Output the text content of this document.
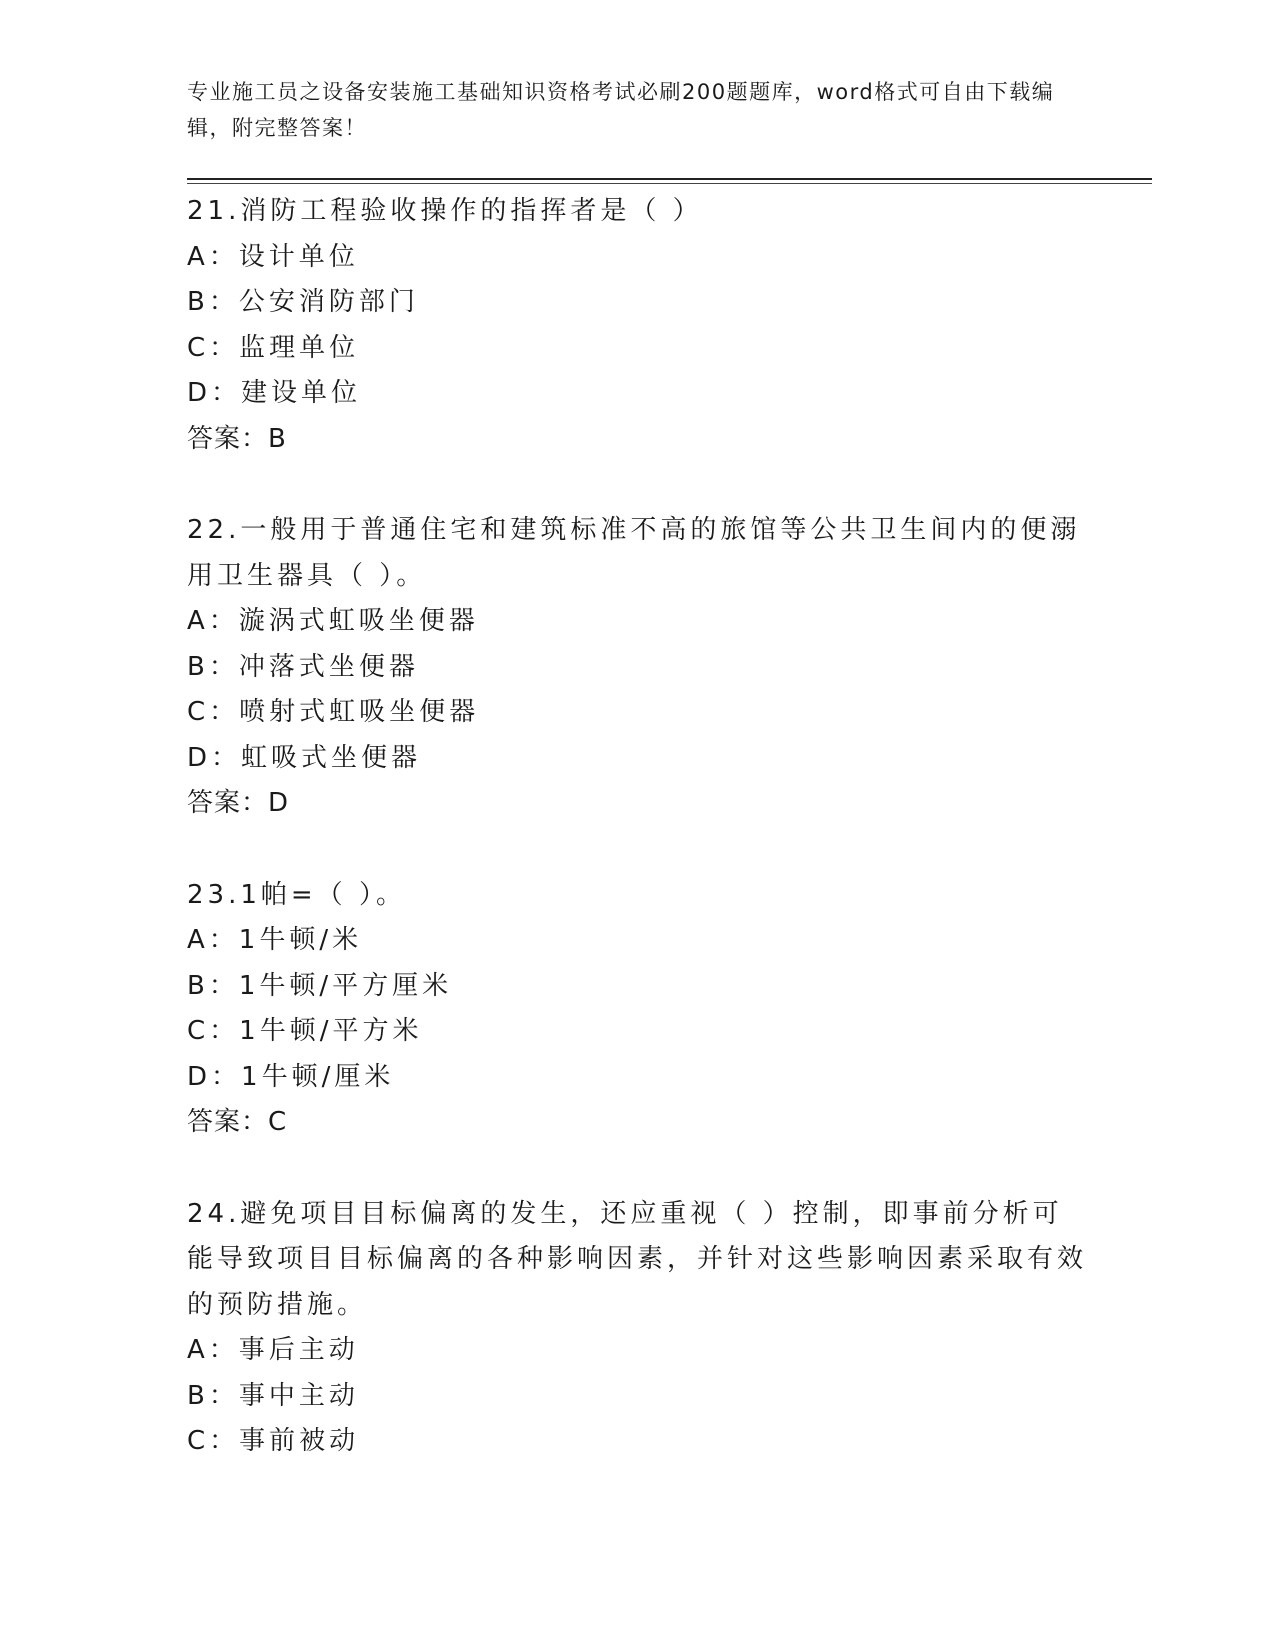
专业施工员之设备安装施工基础知识资格考试必刷200题题库，word格式可自由下载编辑，附完整答案！
21.消防工程验收操作的指挥者是（ ）
A：设计单位
B：公安消防部门
C：监理单位
D：建设单位
答案：B
22.一般用于普通住宅和建筑标准不高的旅馆等公共卫生间内的便溺用卫生器具（ ）。
A：漩涡式虹吸坐便器
B：冲落式坐便器
C：喷射式虹吸坐便器
D：虹吸式坐便器
答案：D
23.1帕=（ ）。
A：1牛顿/米
B：1牛顿/平方厘米
C：1牛顿/平方米
D：1牛顿/厘米
答案：C
24.避免项目目标偏离的发生，还应重视（ ）控制，即事前分析可能导致项目目标偏离的各种影响因素，并针对这些影响因素采取有效的预防措施。
A：事后主动
B：事中主动
C：事前被动
